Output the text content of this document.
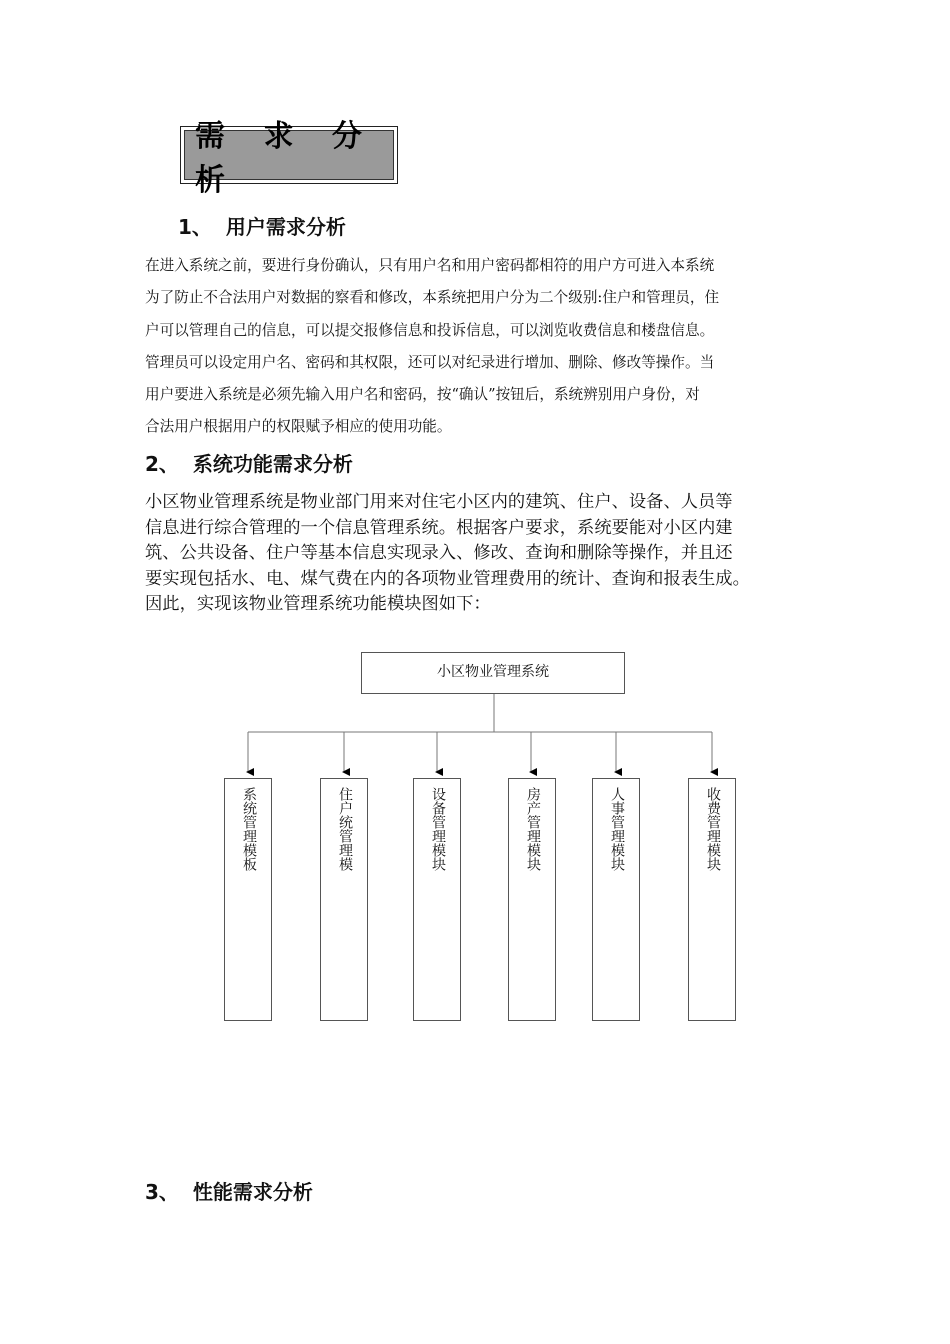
需 求 分 析
1、 用户需求分析
在进入系统之前，要进行身份确认，只有用户名和用户密码都相符的用户方可进入本系统
为了防止不合法用户对数据的察看和修改，本系统把用户分为二个级别:住户和管理员，住
户可以管理自己的信息，可以提交报修信息和投诉信息，可以浏览收费信息和楼盘信息。
管理员可以设定用户名、密码和其权限，还可以对纪录进行增加、删除、修改等操作。当
用户要进入系统是必须先输入用户名和密码，按“确认”按钮后，系统辨别用户身份，对
合法用户根据用户的权限赋予相应的使用功能。
2、 系统功能需求分析
小区物业管理系统是物业部门用来对住宅小区内的建筑、住户、设备、人员等
信息进行综合管理的一个信息管理系统。根据客户要求，系统要能对小区内建
筑、公共设备、住户等基本信息实现录入、修改、查询和删除等操作，并且还
要实现包括水、电、煤气费在内的各项物业管理费用的统计、查询和报表生成。
因此，实现该物业管理系统功能模块图如下：
小区物业管理系统
系统管理模板	住户统管理模	设备管理模块	房产管理模块	人事管理模块	收费管理模块
3、 性能需求分析
